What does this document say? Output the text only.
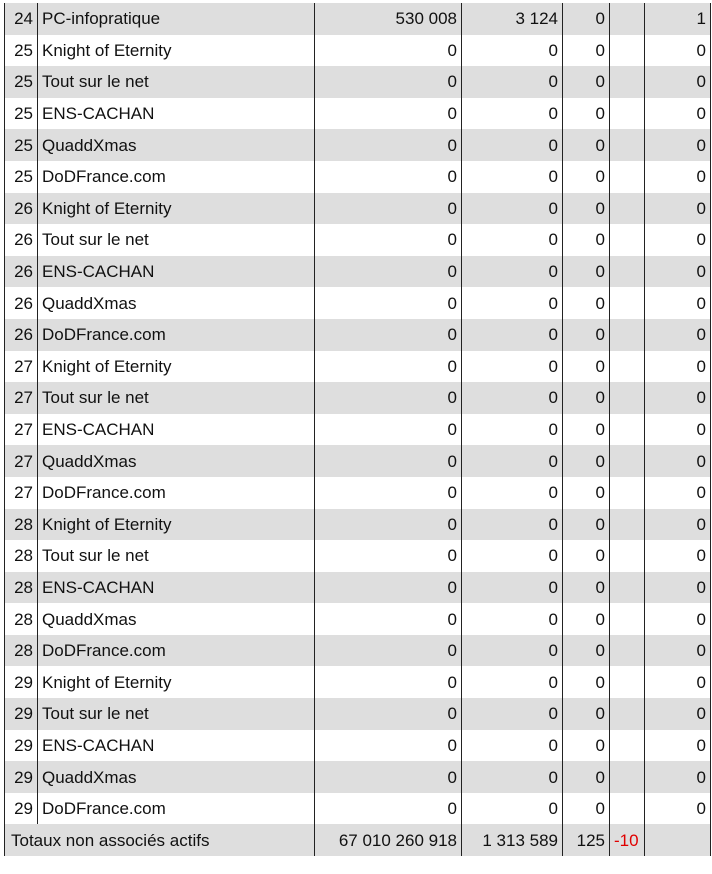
24	PC-infopratique	530 008	3 124	0		1
25	Knight of Eternity	0	0	0		0
25	Tout sur le net	0	0	0		0
25	ENS-CACHAN	0	0	0		0
25	QuaddXmas	0	0	0		0
25	DoDFrance.com	0	0	0		0
26	Knight of Eternity	0	0	0		0
26	Tout sur le net	0	0	0		0
26	ENS-CACHAN	0	0	0		0
26	QuaddXmas	0	0	0		0
26	DoDFrance.com	0	0	0		0
27	Knight of Eternity	0	0	0		0
27	Tout sur le net	0	0	0		0
27	ENS-CACHAN	0	0	0		0
27	QuaddXmas	0	0	0		0
27	DoDFrance.com	0	0	0		0
28	Knight of Eternity	0	0	0		0
28	Tout sur le net	0	0	0		0
28	ENS-CACHAN	0	0	0		0
28	QuaddXmas	0	0	0		0
28	DoDFrance.com	0	0	0		0
29	Knight of Eternity	0	0	0		0
29	Tout sur le net	0	0	0		0
29	ENS-CACHAN	0	0	0		0
29	QuaddXmas	0	0	0		0
29	DoDFrance.com	0	0	0		0
Totaux non associés actifs		67 010 260 918	1 313 589	125	-10	
